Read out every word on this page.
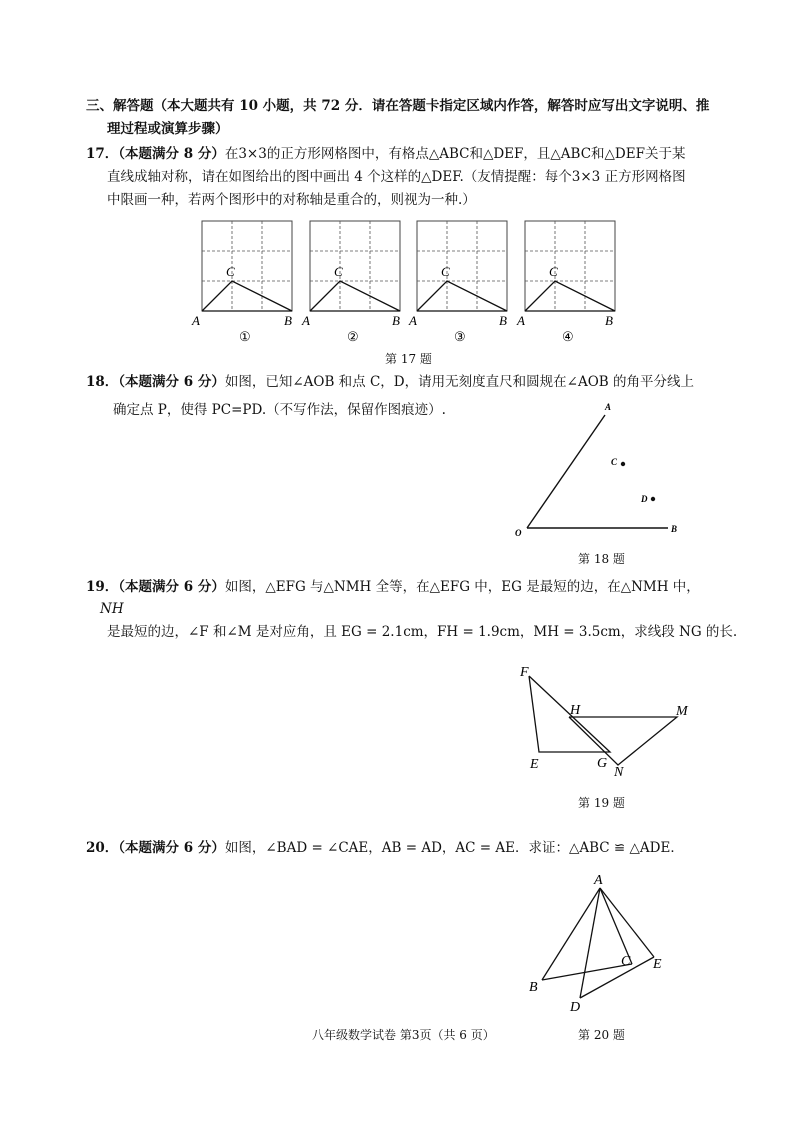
三、解答题（本大题共有 10 小题，共 72 分．请在答题卡指定区域内作答，解答时应写出文字说明、推
理过程或演算步骤）
17．（本题满分 8 分）在3×3的正方形网格图中，有格点△ABC和△DEF，且△ABC和△DEF关于某
直线成轴对称，请在如图给出的图中画出 4 个这样的△DEF.（友情提醒：每个3×3 正方形网格图
中限画一种，若两个图形中的对称轴是重合的，则视为一种.）
A	B
C
①
A	B
C
②
A	B
C
③
A	B
C
④
第 17 题
18．（本题满分 6 分）如图，已知∠AOB 和点 C，D，请用无刻度直尺和圆规在∠AOB 的角平分线上
确定点 P，使得 PC=PD.（不写作法，保留作图痕迹）.	A
O	B
C
D
第 18 题
19．（本题满分 6 分）如图，△EFG 与△NMH 全等，在△EFG 中，EG 是最短的边，在△NMH 中，
NH
是最短的边，∠F 和∠M 是对应角，且 EG = 2.1cm，FH = 1.9cm，MH = 3.5cm，求线段 NG 的长.
F
H	M
E	G
N
第 19 题
20．（本题满分 6 分）如图，∠BAD = ∠CAE，AB = AD，AC = AE．求证：△ABC ≌ △ADE．
A
B
C
D
E
八年级数学试卷 第3页（共 6 页）	第 20 题
